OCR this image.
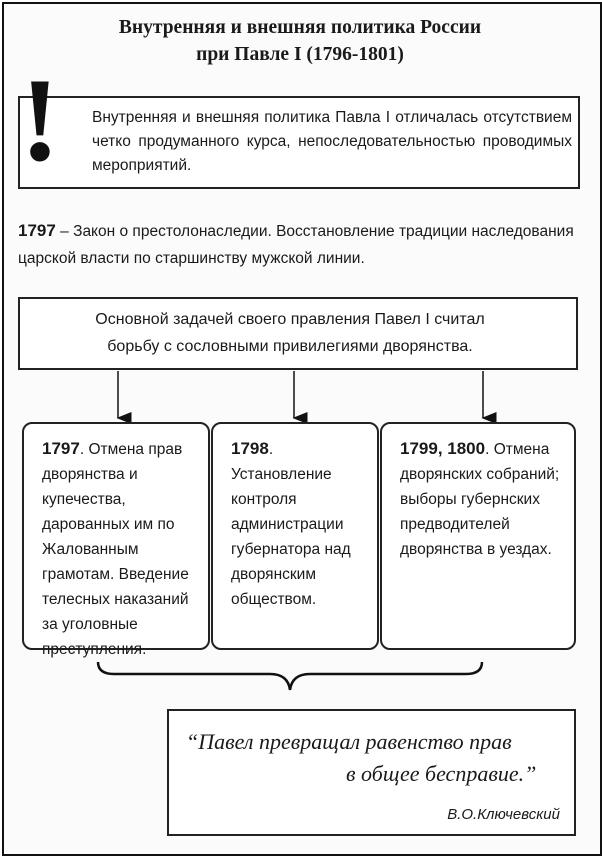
Внутренняя и внешняя политика России
при Павле I (1796-1801)
! Внутренняя и внешняя политика Павла I отличалась отсутствием четко продуманного курса, непоследовательностью проводимых мероприятий.
1797 – Закон о престолонаследии. Восстановление традиции наследования царской власти по старшинству мужской линии.
Основной задачей своего правления Павел I считал борьбу с сословными привилегиями дворянства.
1797. Отмена прав дворянства и купечества, дарованных им по Жалованным грамотам. Введение телесных наказаний за уголовные преступления.
1798. Установление контроля администрации губернатора над дворянским обществом.
1799, 1800. Отмена дворянских собраний; выборы губернских предводителей дворянства в уездах.
“Павел превращал равенство прав
в общее бесправие.”
В.О.Ключевский
